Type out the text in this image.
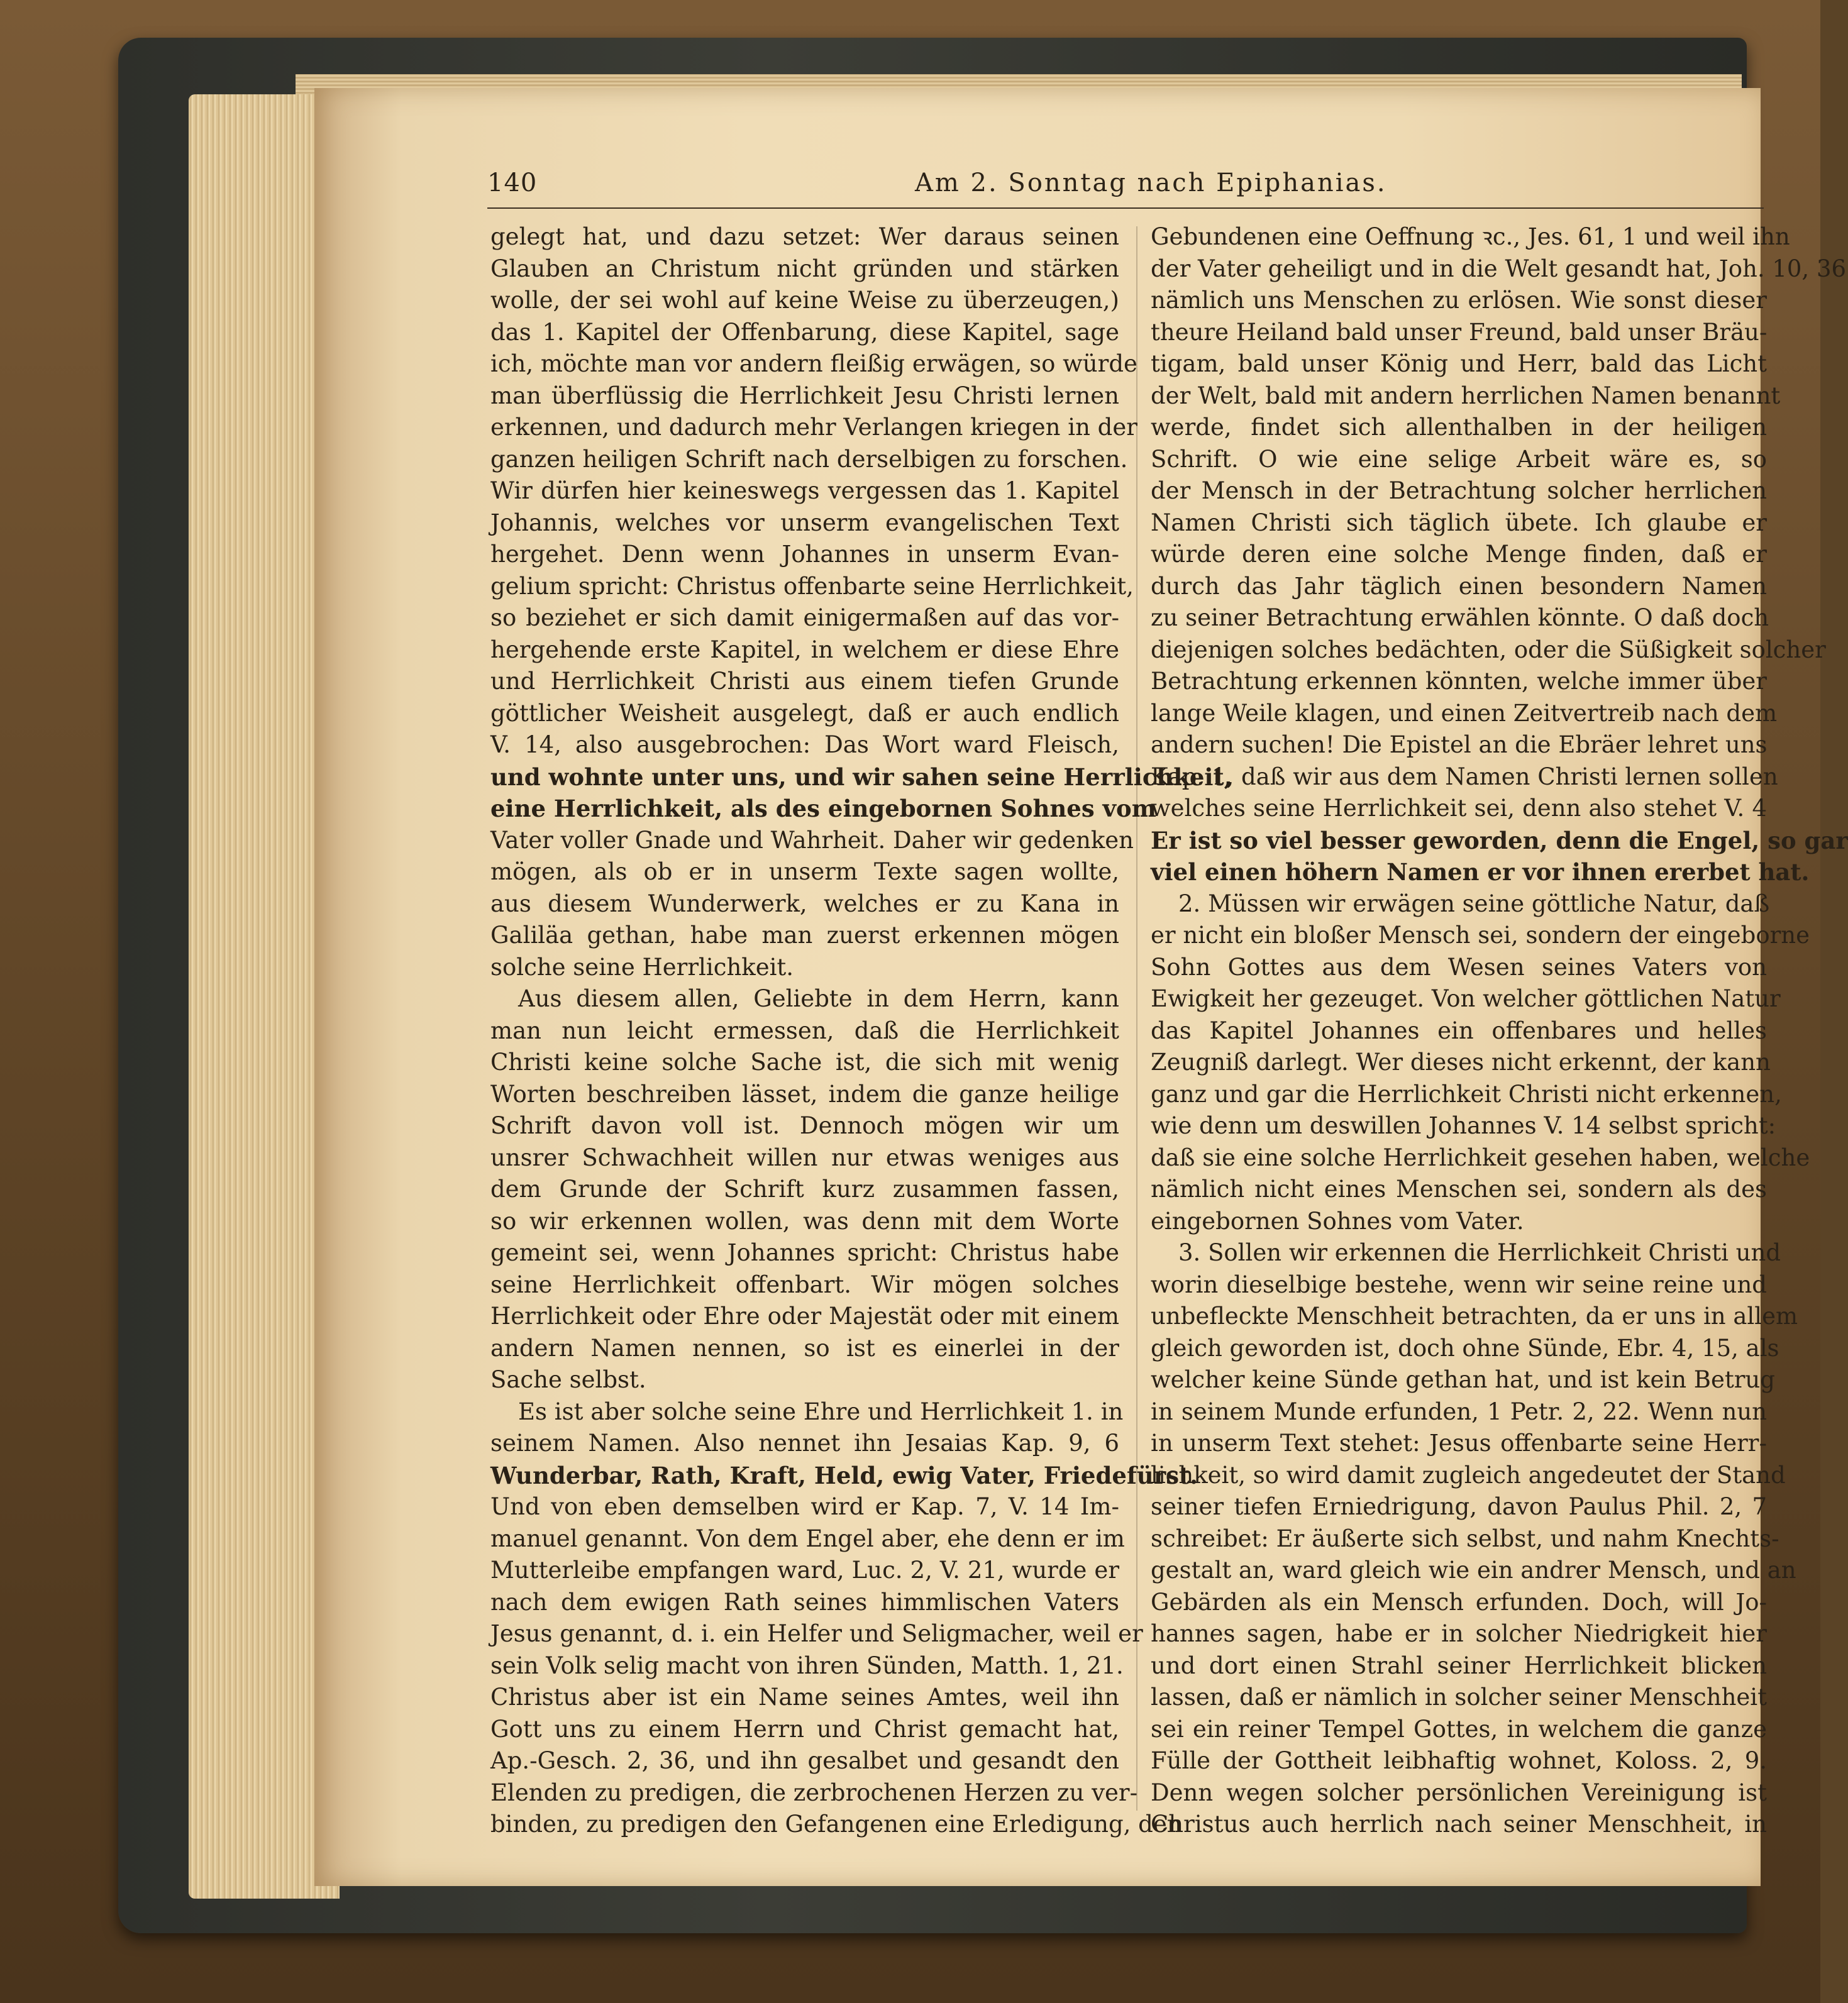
140	Am 2. Sonntag nach Epiphanias.
gelegt hat, und dazu setzet: Wer daraus seinen
Glauben an Christum nicht gründen und stärken
wolle, der sei wohl auf keine Weise zu überzeugen,)
das 1. Kapitel der Offenbarung, diese Kapitel, sage
ich, möchte man vor andern fleißig erwägen, so würde
man überflüssig die Herrlichkeit Jesu Christi lernen
erkennen, und dadurch mehr Verlangen kriegen in der
ganzen heiligen Schrift nach derselbigen zu forschen.
Wir dürfen hier keineswegs vergessen das 1. Kapitel
Johannis, welches vor unserm evangelischen Text
hergehet. Denn wenn Johannes in unserm Evan-
gelium spricht: Christus offenbarte seine Herrlichkeit,
so beziehet er sich damit einigermaßen auf das vor-
hergehende erste Kapitel, in welchem er diese Ehre
und Herrlichkeit Christi aus einem tiefen Grunde
göttlicher Weisheit ausgelegt, daß er auch endlich
V. 14, also ausgebrochen: Das Wort ward Fleisch,
und wohnte unter uns, und wir sahen seine Herrlichkeit,
eine Herrlichkeit, als des eingebornen Sohnes vom
Vater voller Gnade und Wahrheit. Daher wir gedenken
mögen, als ob er in unserm Texte sagen wollte,
aus diesem Wunderwerk, welches er zu Kana in
Galiläa gethan, habe man zuerst erkennen mögen
solche seine Herrlichkeit.
Aus diesem allen, Geliebte in dem Herrn, kann
man nun leicht ermessen, daß die Herrlichkeit
Christi keine solche Sache ist, die sich mit wenig
Worten beschreiben lässet, indem die ganze heilige
Schrift davon voll ist. Dennoch mögen wir um
unsrer Schwachheit willen nur etwas weniges aus
dem Grunde der Schrift kurz zusammen fassen,
so wir erkennen wollen, was denn mit dem Worte
gemeint sei, wenn Johannes spricht: Christus habe
seine Herrlichkeit offenbart. Wir mögen solches
Herrlichkeit oder Ehre oder Majestät oder mit einem
andern Namen nennen, so ist es einerlei in der
Sache selbst.
Es ist aber solche seine Ehre und Herrlichkeit 1. in
seinem Namen. Also nennet ihn Jesaias Kap. 9, 6
Wunderbar, Rath, Kraft, Held, ewig Vater, Friedefürst.
Und von eben demselben wird er Kap. 7, V. 14 Im-
manuel genannt. Von dem Engel aber, ehe denn er im
Mutterleibe empfangen ward, Luc. 2, V. 21, wurde er
nach dem ewigen Rath seines himmlischen Vaters
Jesus genannt, d. i. ein Helfer und Seligmacher, weil er
sein Volk selig macht von ihren Sünden, Matth. 1, 21.
Christus aber ist ein Name seines Amtes, weil ihn
Gott uns zu einem Herrn und Christ gemacht hat,
Ap.-Gesch. 2, 36, und ihn gesalbet und gesandt den
Elenden zu predigen, die zerbrochenen Herzen zu ver-
binden, zu predigen den Gefangenen eine Erledigung, den
Gebundenen eine Oeffnung ꝛc., Jes. 61, 1 und weil ihn
der Vater geheiligt und in die Welt gesandt hat, Joh. 10, 36
nämlich uns Menschen zu erlösen. Wie sonst dieser
theure Heiland bald unser Freund, bald unser Bräu-
tigam, bald unser König und Herr, bald das Licht
der Welt, bald mit andern herrlichen Namen benannt
werde, findet sich allenthalben in der heiligen
Schrift. O wie eine selige Arbeit wäre es, so
der Mensch in der Betrachtung solcher herrlichen
Namen Christi sich täglich übete. Ich glaube er
würde deren eine solche Menge finden, daß er
durch das Jahr täglich einen besondern Namen
zu seiner Betrachtung erwählen könnte. O daß doch
diejenigen solches bedächten, oder die Süßigkeit solcher
Betrachtung erkennen könnten, welche immer über
lange Weile klagen, und einen Zeitvertreib nach dem
andern suchen! Die Epistel an die Ebräer lehret uns
Kap. 1, daß wir aus dem Namen Christi lernen sollen
welches seine Herrlichkeit sei, denn also stehet V. 4
Er ist so viel besser geworden, denn die Engel, so gar
viel einen höhern Namen er vor ihnen ererbet hat.
2. Müssen wir erwägen seine göttliche Natur, daß
er nicht ein bloßer Mensch sei, sondern der eingeborne
Sohn Gottes aus dem Wesen seines Vaters von
Ewigkeit her gezeuget. Von welcher göttlichen Natur
das Kapitel Johannes ein offenbares und helles
Zeugniß darlegt. Wer dieses nicht erkennt, der kann
ganz und gar die Herrlichkeit Christi nicht erkennen,
wie denn um deswillen Johannes V. 14 selbst spricht:
daß sie eine solche Herrlichkeit gesehen haben, welche
nämlich nicht eines Menschen sei, sondern als des
eingebornen Sohnes vom Vater.
3. Sollen wir erkennen die Herrlichkeit Christi und
worin dieselbige bestehe, wenn wir seine reine und
unbefleckte Menschheit betrachten, da er uns in allem
gleich geworden ist, doch ohne Sünde, Ebr. 4, 15, als
welcher keine Sünde gethan hat, und ist kein Betrug
in seinem Munde erfunden, 1 Petr. 2, 22. Wenn nun
in unserm Text stehet: Jesus offenbarte seine Herr-
lichkeit, so wird damit zugleich angedeutet der Stand
seiner tiefen Erniedrigung, davon Paulus Phil. 2, 7
schreibet: Er äußerte sich selbst, und nahm Knechts-
gestalt an, ward gleich wie ein andrer Mensch, und an
Gebärden als ein Mensch erfunden. Doch, will Jo-
hannes sagen, habe er in solcher Niedrigkeit hier
und dort einen Strahl seiner Herrlichkeit blicken
lassen, daß er nämlich in solcher seiner Menschheit
sei ein reiner Tempel Gottes, in welchem die ganze
Fülle der Gottheit leibhaftig wohnet, Koloss. 2, 9.
Denn wegen solcher persönlichen Vereinigung ist
Christus auch herrlich nach seiner Menschheit, in
